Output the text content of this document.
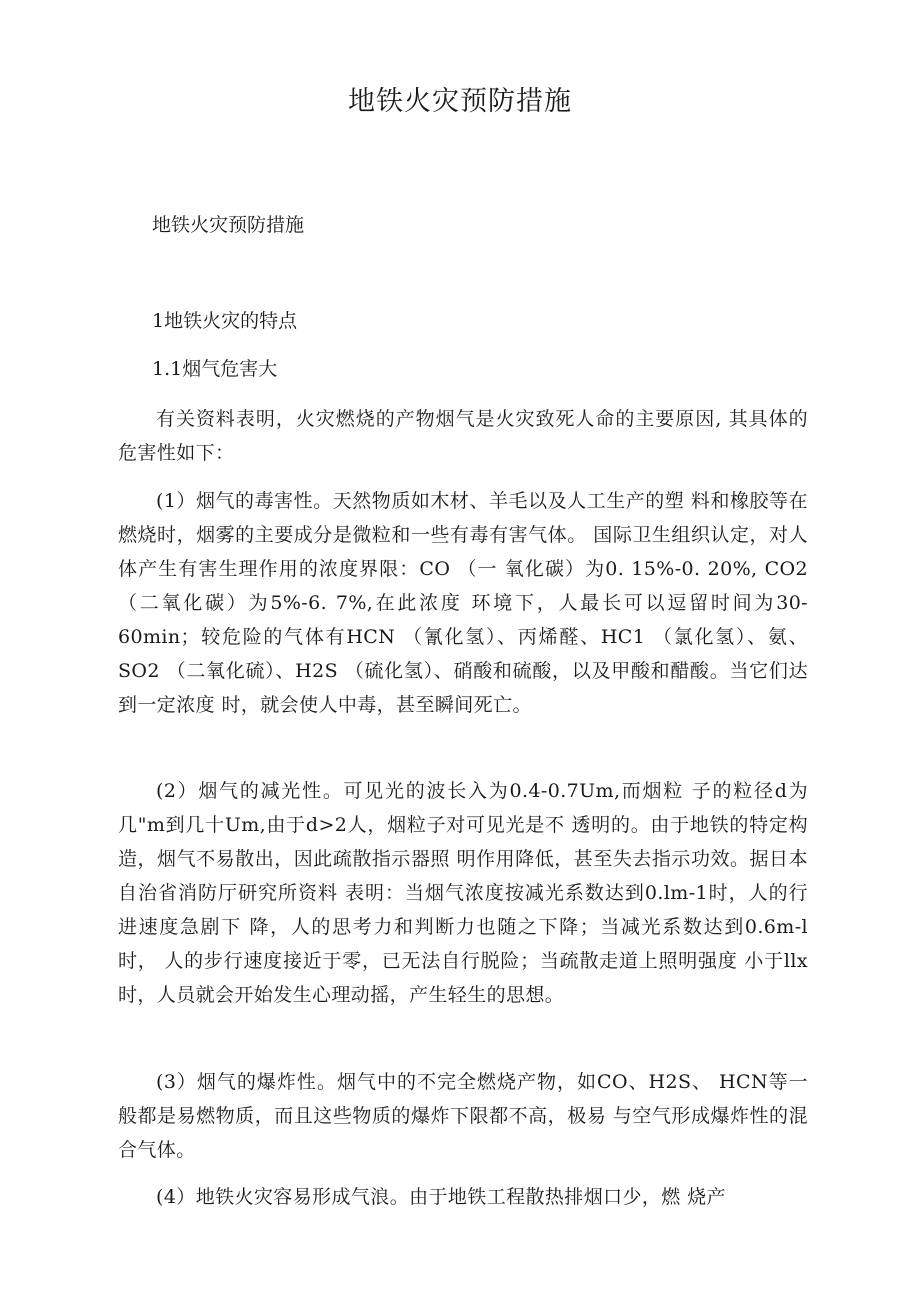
地铁火灾预防措施

地铁火灾预防措施

1地铁火灾的特点
1.1烟气危害大

有关资料表明，火灾燃烧的产物烟气是火灾致死人命的主要原因, 其具体的危害性如下：

(1）烟气的毒害性。天然物质如木材、羊毛以及人工生产的塑 料和橡胶等在燃烧时，烟雾的主要成分是微粒和一些有毒有害气体。 国际卫生组织认定，对人体产生有害生理作用的浓度界限：CO （一 氧化碳）为0. 15%-0. 20%, CO2 （二氧化碳）为5%-6. 7%,在此浓度 环境下，人最长可以逗留时间为30-60min；较危险的气体有HCN （氰化氢）、丙烯醛、HC1 （氯化氢）、氨、SO2 （二氧化硫）、H2S （硫化氢）、硝酸和硫酸，以及甲酸和醋酸。当它们达到一定浓度 时，就会使人中毒，甚至瞬间死亡。

(2）烟气的减光性。可见光的波长入为0.4-0.7Um,而烟粒 子的粒径d为几"m到几十Um,由于d>2人，烟粒子对可见光是不 透明的。由于地铁的特定构造，烟气不易散出，因此疏散指示器照 明作用降低，甚至失去指示功效。据日本自治省消防厅研究所资料 表明：当烟气浓度按减光系数达到0.lm-1时，人的行进速度急剧下 降，人的思考力和判断力也随之下降；当减光系数达到0.6m-l时， 人的步行速度接近于零，已无法自行脱险；当疏散走道上照明强度 小于llx时，人员就会开始发生心理动摇，产生轻生的思想。

(3）烟气的爆炸性。烟气中的不完全燃烧产物，如CO、H2S、 HCN等一般都是易燃物质，而且这些物质的爆炸下限都不高，极易 与空气形成爆炸性的混合气体。

(4）地铁火灾容易形成气浪。由于地铁工程散热排烟口少，燃 烧产
